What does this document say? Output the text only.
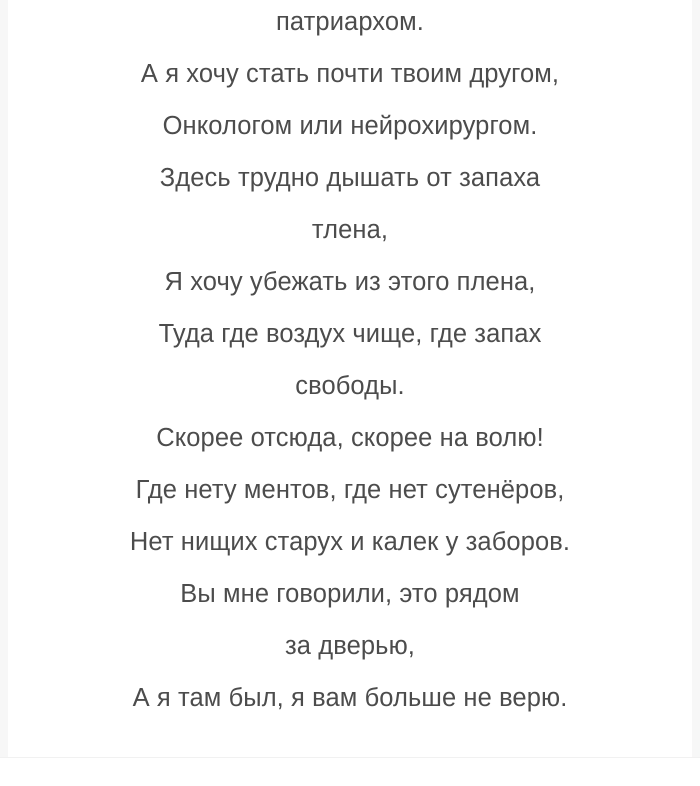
патриархом.
А я хочу стать почти твоим другом,
Онкологом или нейрохирургом.
Здесь трудно дышать от запаха
тлена,
Я хочу убежать из этого плена,
Туда где воздух чище, где запах
свободы.
Скорее отсюда, скорее на волю!
Где нету ментов, где нет сутенёров,
Нет нищих старух и калек у заборов.
Вы мне говорили, это рядом
за дверью,
А я там был, я вам больше не верю.
